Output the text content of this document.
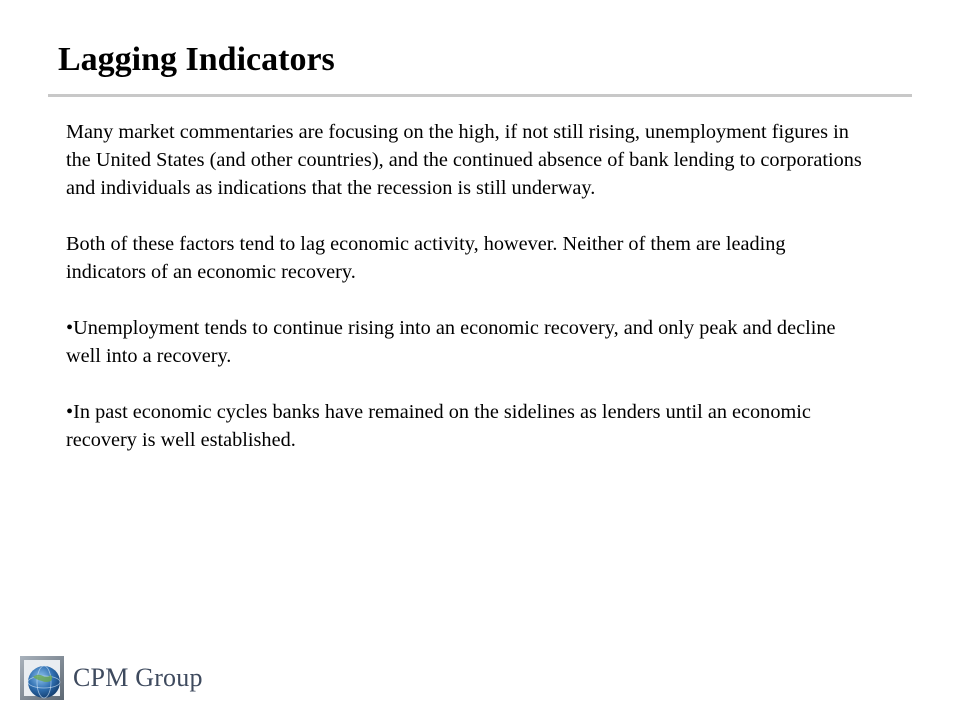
Lagging Indicators

Many market commentaries are focusing on the high, if not still rising, unemployment figures in the United States (and other countries), and the continued absence of bank lending to corporations and individuals as indications that the recession is still underway.

Both of these factors tend to lag economic activity, however. Neither of them are leading indicators of an economic recovery.

•Unemployment tends to continue rising into an economic recovery, and only peak and decline well into a recovery.

•In past economic cycles banks have remained on the sidelines as lenders until an economic recovery is well established.

CPM Group
